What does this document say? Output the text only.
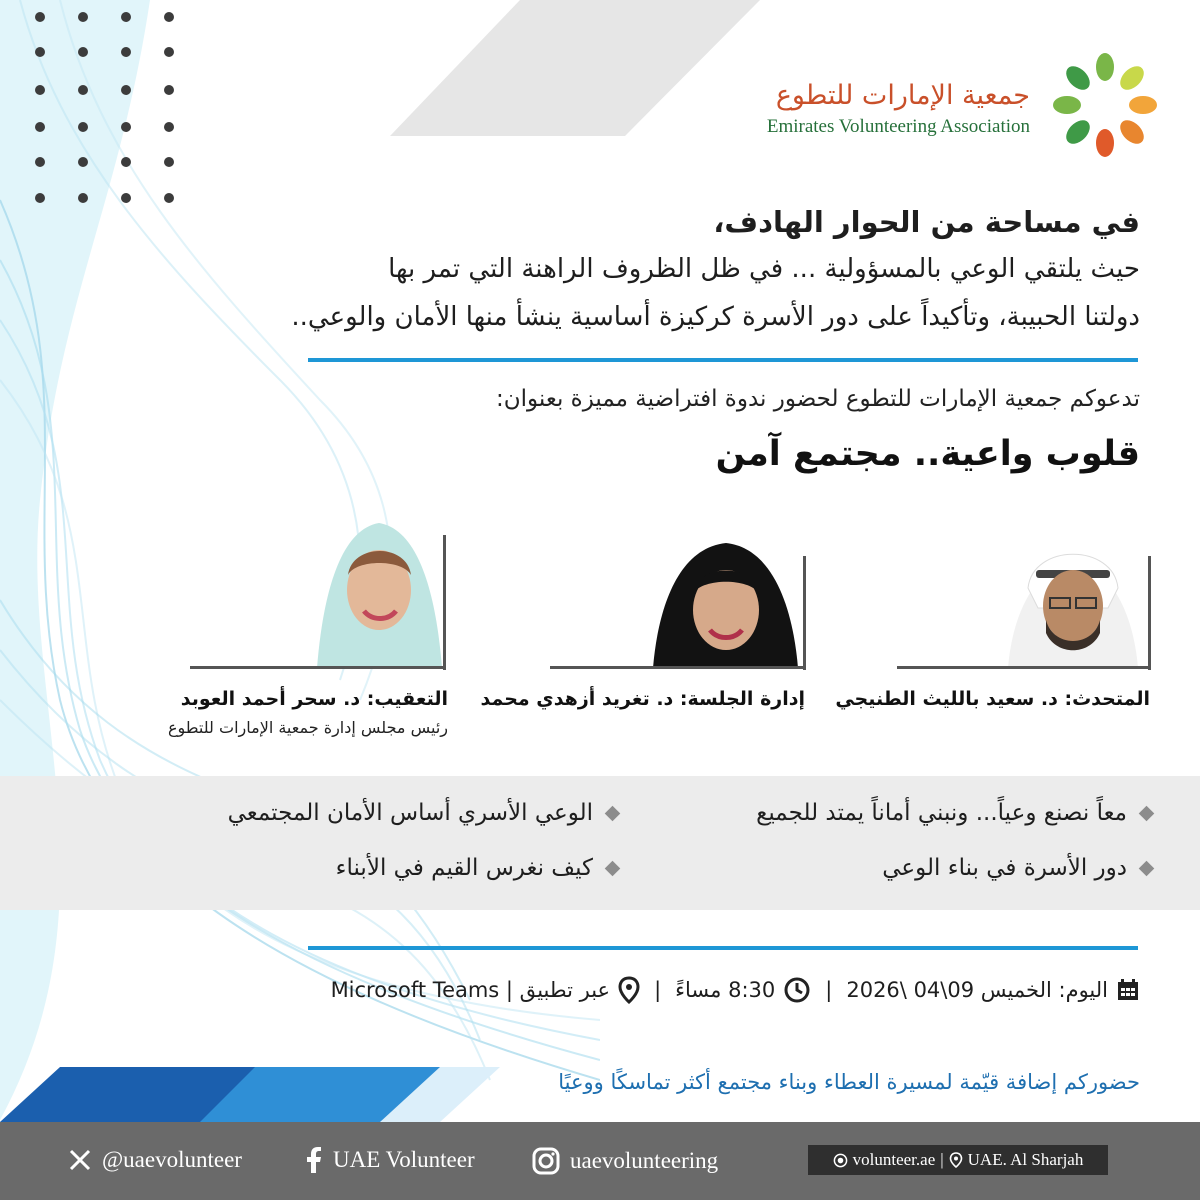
جمعية الإمارات للتطوع
Emirates Volunteering Association
في مساحة من الحوار الهادف،
حيث يلتقي الوعي بالمسؤولية ... في ظل الظروف الراهنة التي تمر بها
دولتنا الحبيبة، وتأكيداً على دور الأسرة كركيزة أساسية ينشأ منها الأمان والوعي..
تدعوكم جمعية الإمارات للتطوع لحضور ندوة افتراضية مميزة بعنوان:
قلوب واعية.. مجتمع آمن
المتحدث: د. سعيد بالليث الطنيجي
إدارة الجلسة: د. تغريد أزهدي محمد
التعقيب: د. سحر أحمد العوبد
رئيس مجلس إدارة جمعية الإمارات للتطوع
معاً نصنع وعياً... ونبني أماناً يمتد للجميع
دور الأسرة في بناء الوعي
الوعي الأسري أساس الأمان المجتمعي
كيف نغرس القيم في الأبناء
اليوم: الخميس 09\04 \2026
|
8:30 مساءً
|
عبر تطبيق | Microsoft Teams
حضوركم إضافة قيّمة لمسيرة العطاء وبناء مجتمع أكثر تماسكًا ووعيًا
@uaevolunteer	UAE Volunteer	uaevolunteering	volunteer.ae | UAE. Al Sharjah
